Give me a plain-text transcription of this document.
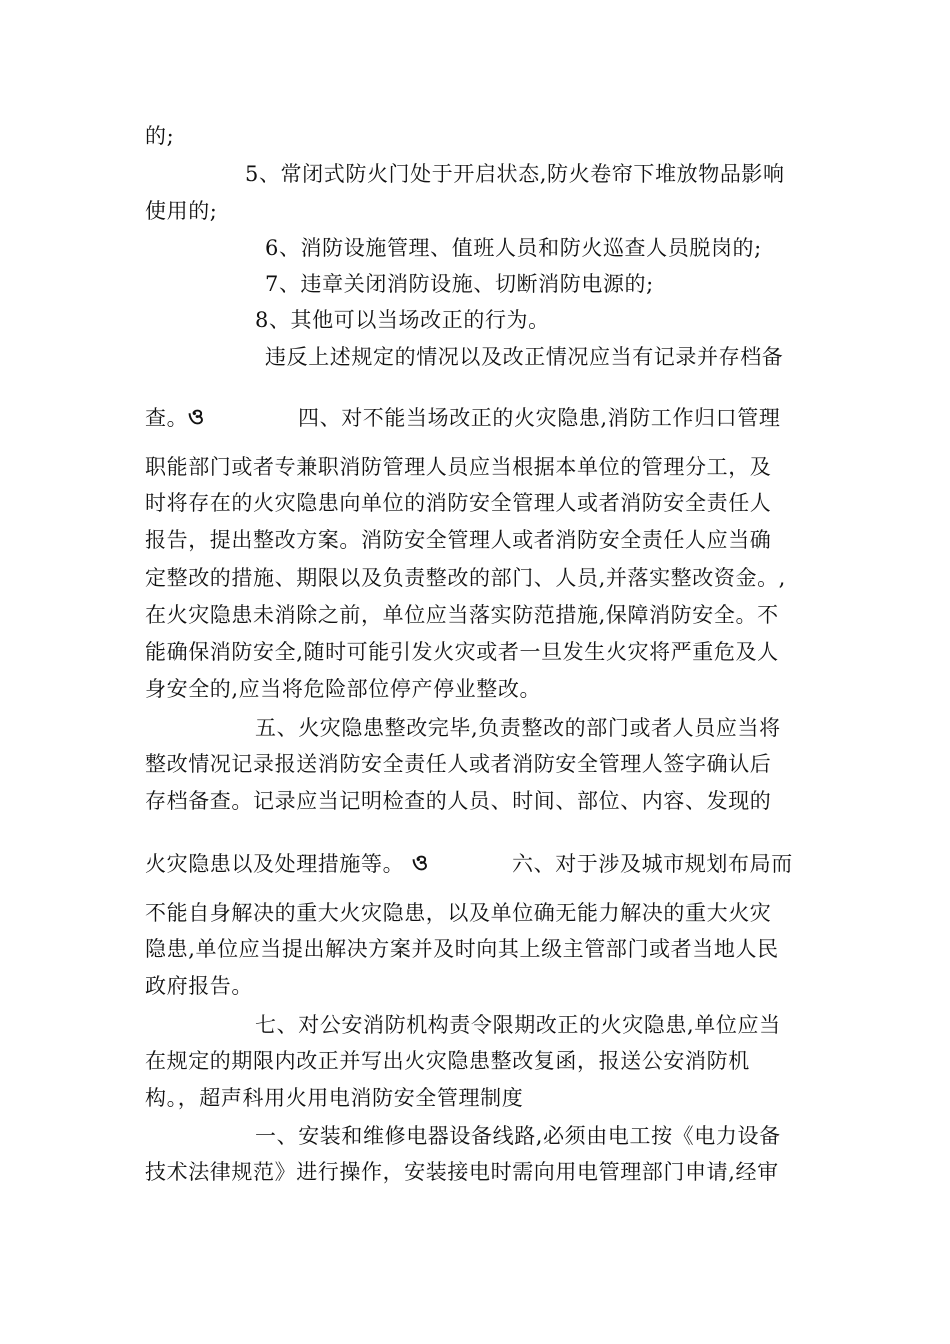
的;
5、常闭式防火门处于开启状态,防火卷帘下堆放物品影响
使用的;
6、消防设施管理、值班人员和防火巡查人员脱岗的;
7、违章关闭消防设施、切断消防电源的;
8、其他可以当场改正的行为。
违反上述规定的情况以及改正情况应当有记录并存档备
查。 ও	四、对不能当场改正的火灾隐患,消防工作归口管理
职能部门或者专兼职消防管理人员应当根据本单位的管理分工，及
时将存在的火灾隐患向单位的消防安全管理人或者消防安全责任人
报告，提出整改方案。消防安全管理人或者消防安全责任人应当确
定整改的措施、期限以及负责整改的部门、人员,并落实整改资金。,
在火灾隐患未消除之前，单位应当落实防范措施,保障消防安全。不
能确保消防安全,随时可能引发火灾或者一旦发生火灾将严重危及人
身安全的,应当将危险部位停产停业整改。
五、火灾隐患整改完毕,负责整改的部门或者人员应当将
整改情况记录报送消防安全责任人或者消防安全管理人签字确认后
存档备查。记录应当记明检查的人员、时间、部位、内容、发现的
火灾隐患以及处理措施等。 ও	六、对于涉及城市规划布局而
不能自身解决的重大火灾隐患，以及单位确无能力解决的重大火灾
隐患,单位应当提出解决方案并及时向其上级主管部门或者当地人民
政府报告。
七、对公安消防机构责令限期改正的火灾隐患,单位应当
在规定的期限内改正并写出火灾隐患整改复函，报送公安消防机
构。，超声科用火用电消防安全管理制度
一、安装和维修电器设备线路,必须由电工按《电力设备
技术法律规范》进行操作，安装接电时需向用电管理部门申请,经审
